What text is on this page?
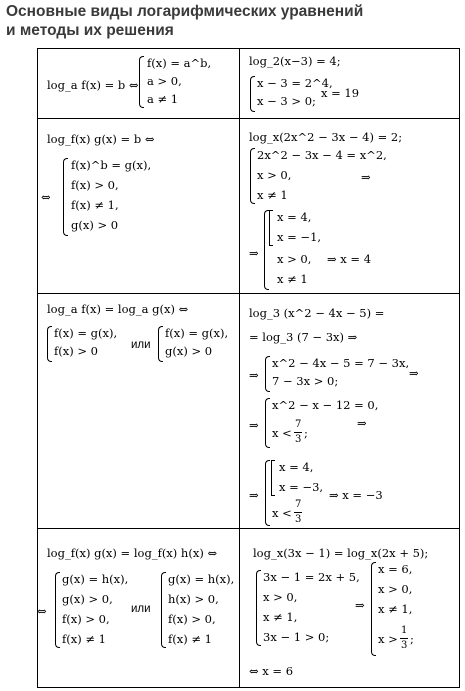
Основные виды логарифмических уравнений
и методы их решения
log_a f(x) = b ⇔
f(x) = a^b,
a > 0,
a ≠ 1
log_2(x−3) = 4;
x − 3 = 2^4,
x − 3 > 0;
x = 19
log_f(x) g(x) = b ⇔
⇔
f(x)^b = g(x),
f(x) > 0,
f(x) ≠ 1,
g(x) > 0
log_x(2x^2 − 3x − 4) = 2;
2x^2 − 3x − 4 = x^2,
x > 0,
x ≠ 1
⇒
⇒
x = 4,
x = −1,
x > 0,
x ≠ 1
⇒ x = 4
log_a f(x) = log_a g(x) ⇔
f(x) = g(x),
f(x) > 0	или
f(x) = g(x),
g(x) > 0
log_3 (x^2 − 4x − 5) =
= log_3 (7 − 3x) ⇒
⇒
x^2 − 4x − 5 = 7 − 3x,
7 − 3x > 0;
⇒
⇒
x^2 − x − 12 = 0,
x <
7
3 ;
⇒
⇒
x = 4,
x = −3,
x <
7
3
⇒ x = −3
log_f(x) g(x) = log_f(x) h(x) ⇔
⇔
g(x) = h(x),
g(x) > 0,
f(x) > 0,
f(x) ≠ 1
или
g(x) = h(x),
h(x) > 0,
f(x) > 0,
f(x) ≠ 1
log_x(3x − 1) = log_x(2x + 5);
3x − 1 = 2x + 5,
x > 0,
x ≠ 1,
3x − 1 > 0;
⇒
x = 6,
x > 0,
x ≠ 1,
x >
1
3 ;
⇔ x = 6
